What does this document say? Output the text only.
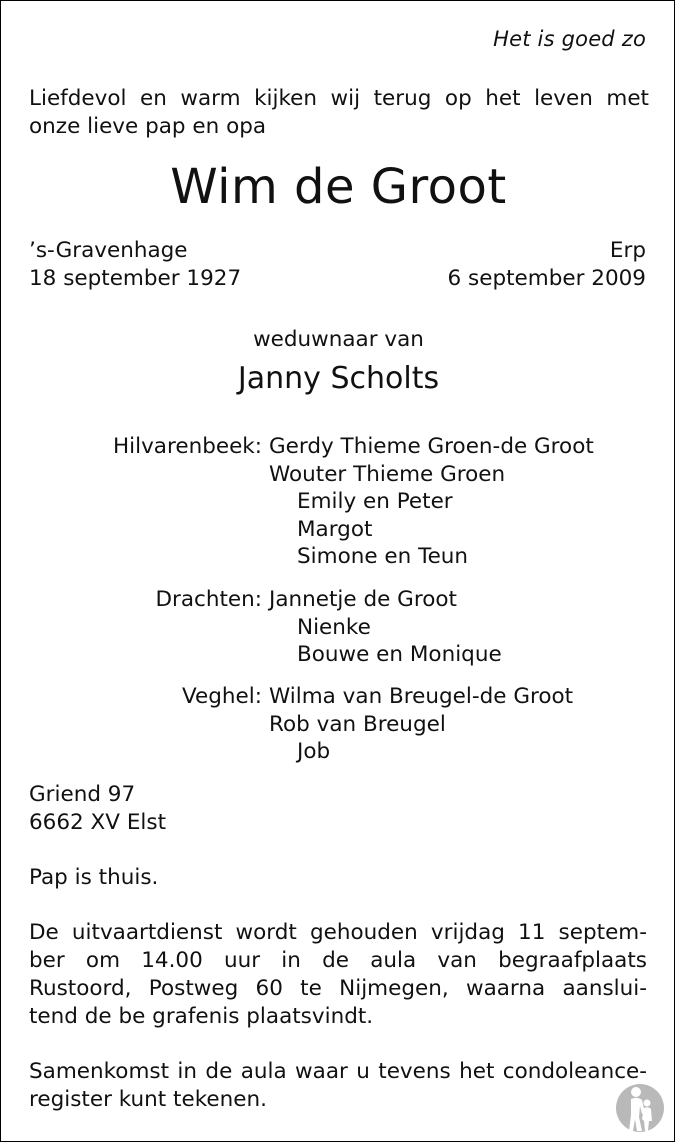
Het is goed zo
Liefdevol en warm kijken wij terug op het leven met
onze lieve pap en opa
Wim de Groot
’s-Gravenhage
18 september 1927
Erp
6 september 2009
weduwnaar van
Janny Scholts
Hilvarenbeek: Gerdy Thieme Groen-de Groot
Wouter Thieme Groen
Emily en Peter
Margot
Simone en Teun
Drachten: Jannetje de Groot
Nienke
Bouwe en Monique
Veghel: Wilma van Breugel-de Groot
Rob van Breugel
Job
Griend 97
6662 XV Elst
Pap is thuis.
De uitvaartdienst wordt gehouden vrijdag 11 septem-
ber om 14.00 uur in de aula van begraafplaats
Rustoord, Postweg 60 te Nijmegen, waarna aanslui-
tend de be grafenis plaatsvindt.
Samenkomst in de aula waar u tevens het condoleance-
register kunt tekenen.
